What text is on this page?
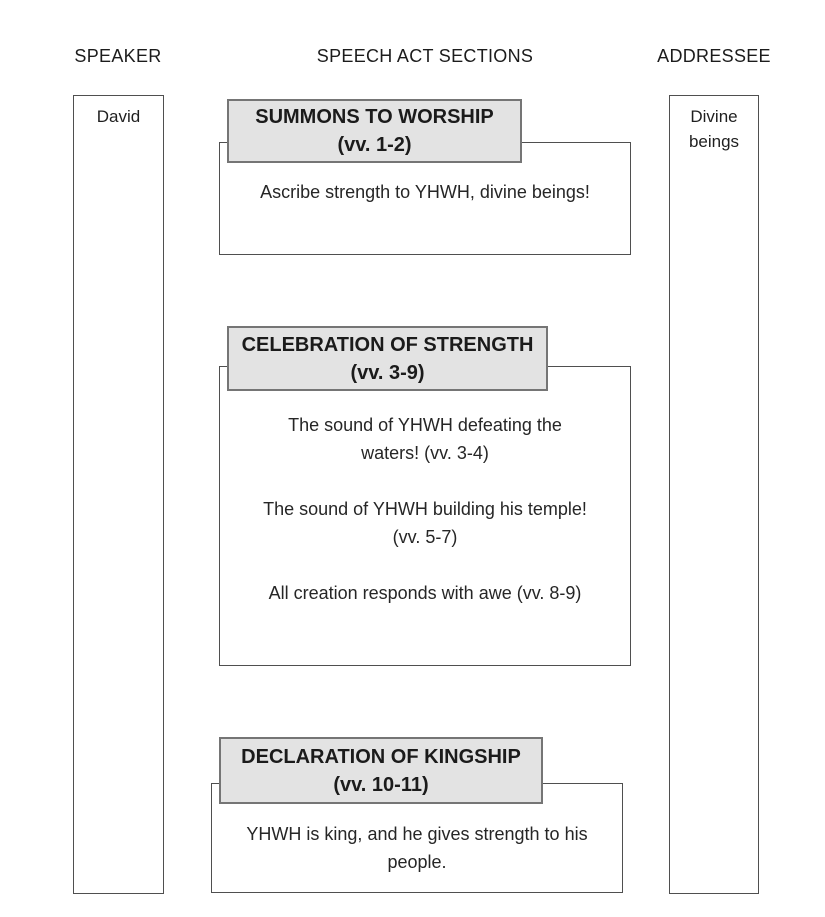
SPEAKER	SPEECH ACT SECTIONS	ADDRESSEE
David	Divine beings
SUMMONS TO WORSHIP
(vv. 1-2)
Ascribe strength to YHWH, divine beings!
CELEBRATION OF STRENGTH
(vv. 3-9)
The sound of YHWH defeating the
waters! (vv. 3-4)
The sound of YHWH building his temple!
(vv. 5-7)
All creation responds with awe (vv. 8-9)
DECLARATION OF KINGSHIP
(vv. 10-11)
YHWH is king, and he gives strength to his
people.
